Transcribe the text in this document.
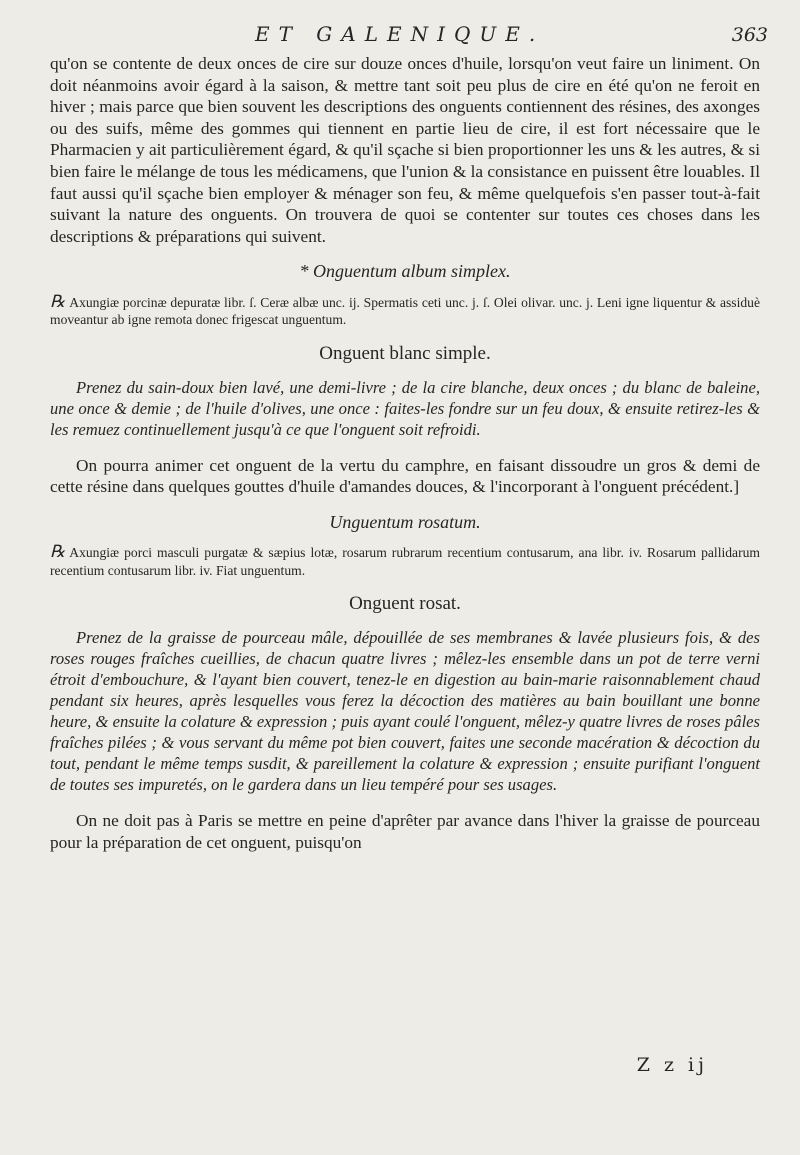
ET GALENIQUE.	363

qu'on se contente de deux onces de cire sur douze onces d'huile, lorsqu'on veut faire un liniment. On doit néanmoins avoir égard à la saison, & mettre tant soit peu plus de cire en été qu'on ne feroit en hiver ; mais parce que bien souvent les descriptions des onguents contiennent des résines, des axonges ou des suifs, même des gommes qui tiennent en partie lieu de cire, il est fort nécessaire que le Pharmacien y ait particulièrement égard, & qu'il sçache si bien proportionner les uns & les autres, & si bien faire le mélange de tous les médicamens, que l'union & la consistance en puissent être louables. Il faut aussi qu'il sçache bien employer & ménager son feu, & même quelquefois s'en passer tout-à-fait suivant la nature des onguents. On trouvera de quoi se contenter sur toutes ces choses dans les descriptions & préparations qui suivent.

* Onguentum album simplex.

℞ Axungiæ porcinæ depuratæ libr. ſ. Ceræ albæ unc. ij. Spermatis ceti unc. j. ſ. Olei olivar. unc. j. Leni igne liquentur & assiduè moveantur ab igne remota donec frigescat unguentum.

Onguent blanc simple.

Prenez du sain-doux bien lavé, une demi-livre ; de la cire blanche, deux onces ; du blanc de baleine, une once & demie ; de l'huile d'olives, une once : faites-les fondre sur un feu doux, & ensuite retirez-les & les remuez continuellement jusqu'à ce que l'onguent soit refroidi.

On pourra animer cet onguent de la vertu du camphre, en faisant dissoudre un gros & demi de cette résine dans quelques gouttes d'huile d'amandes douces, & l'incorporant à l'onguent précédent.]

Unguentum rosatum.

℞ Axungiæ porci masculi purgatæ & sæpius lotæ, rosarum rubrarum recentium contusarum, ana libr. iv. Rosarum pallidarum recentium contusarum libr. iv. Fiat unguentum.

Onguent rosat.

Prenez de la graisse de pourceau mâle, dépouillée de ses membranes & lavée plusieurs fois, & des roses rouges fraîches cueillies, de chacun quatre livres ; mêlez-les ensemble dans un pot de terre verni étroit d'embouchure, & l'ayant bien couvert, tenez-le en digestion au bain-marie raisonnablement chaud pendant six heures, après lesquelles vous ferez la décoction des matières au bain bouillant une bonne heure, & ensuite la colature & expression ; puis ayant coulé l'onguent, mêlez-y quatre livres de roses pâles fraîches pilées ; & vous servant du même pot bien couvert, faites une seconde macération & décoction du tout, pendant le même temps susdit, & pareillement la colature & expression ; ensuite purifiant l'onguent de toutes ses impuretés, on le gardera dans un lieu tempéré pour ses usages.

On ne doit pas à Paris se mettre en peine d'aprêter par avance dans l'hiver la graisse de pourceau pour la préparation de cet onguent, puisqu'on

Z z ij
